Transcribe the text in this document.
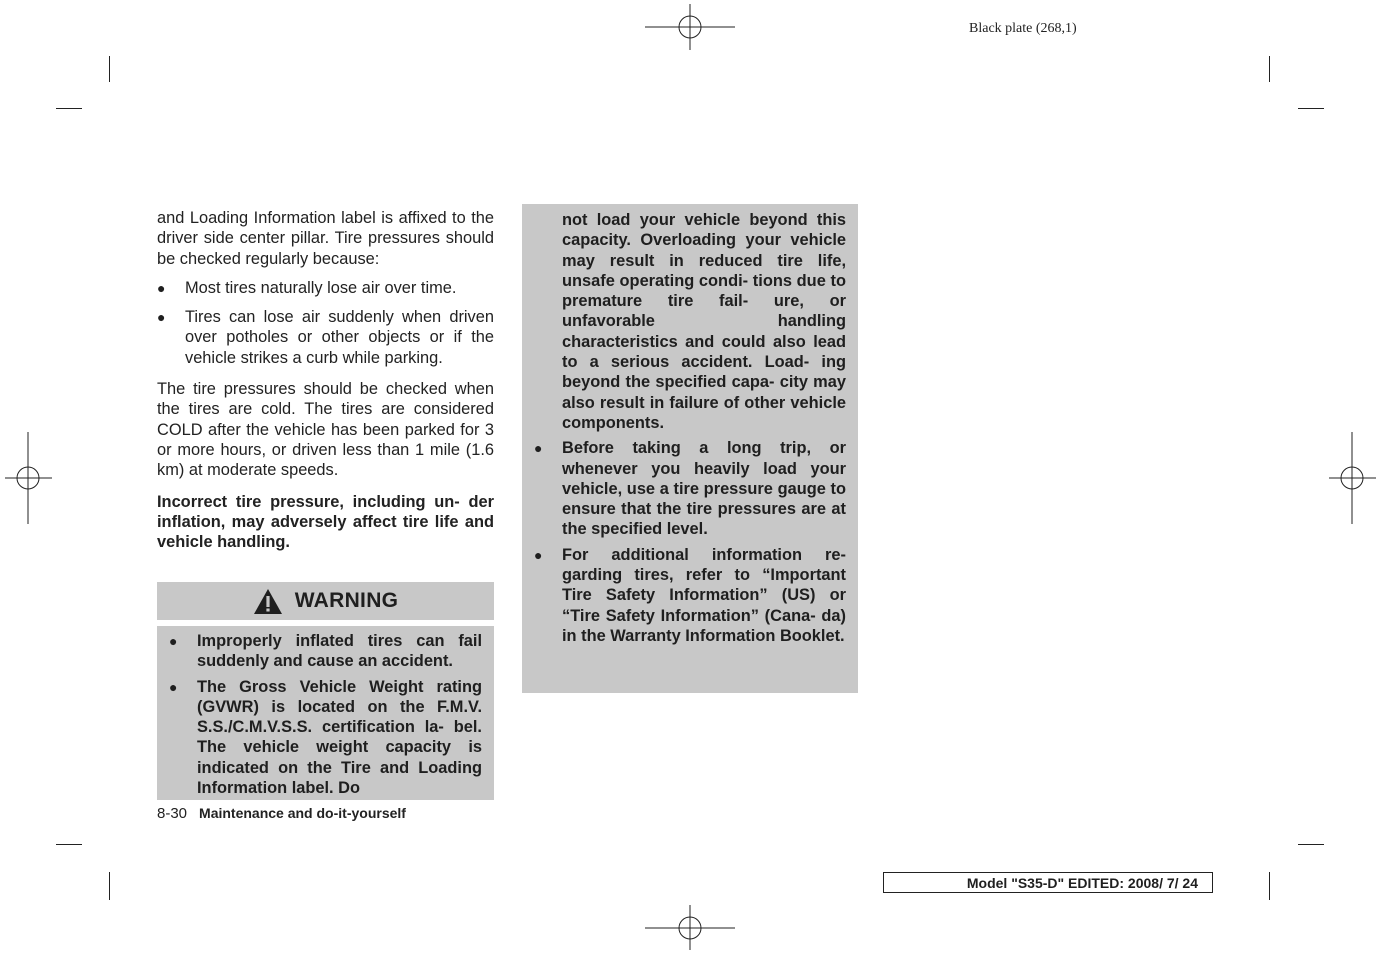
Black plate (268,1)

and Loading Information label is affixed to the driver side center pillar. Tire pressures should be checked regularly because:

● Most tires naturally lose air over time.

● Tires can lose air suddenly when driven over potholes or other objects or if the vehicle strikes a curb while parking.

The tire pressures should be checked when the tires are cold. The tires are considered COLD after the vehicle has been parked for 3 or more hours, or driven less than 1 mile (1.6 km) at moderate speeds.

Incorrect tire pressure, including un- der inflation, may adversely affect tire life and vehicle handling.

WARNING
● Improperly inflated tires can fail suddenly and cause an accident.

● The Gross Vehicle Weight rating (GVWR) is located on the F.M.V. S.S./C.M.V.S.S. certification la- bel. The vehicle weight capacity is indicated on the Tire and Loading Information label. Do

not load your vehicle beyond this capacity. Overloading your vehicle may result in reduced tire life, unsafe operating condi- tions due to premature tire fail- ure, or unfavorable handling characteristics and could also lead to a serious accident. Load- ing beyond the specified capa- city may also result in failure of other vehicle components.

● Before taking a long trip, or whenever you heavily load your vehicle, use a tire pressure gauge to ensure that the tire pressures are at the specified level.

● For additional information re- garding tires, refer to “Important Tire Safety Information” (US) or “Tire Safety Information” (Cana- da) in the Warranty Information Booklet.

8-30 Maintenance and do-it-yourself
Model "S35-D" EDITED: 2008/ 7/ 24
